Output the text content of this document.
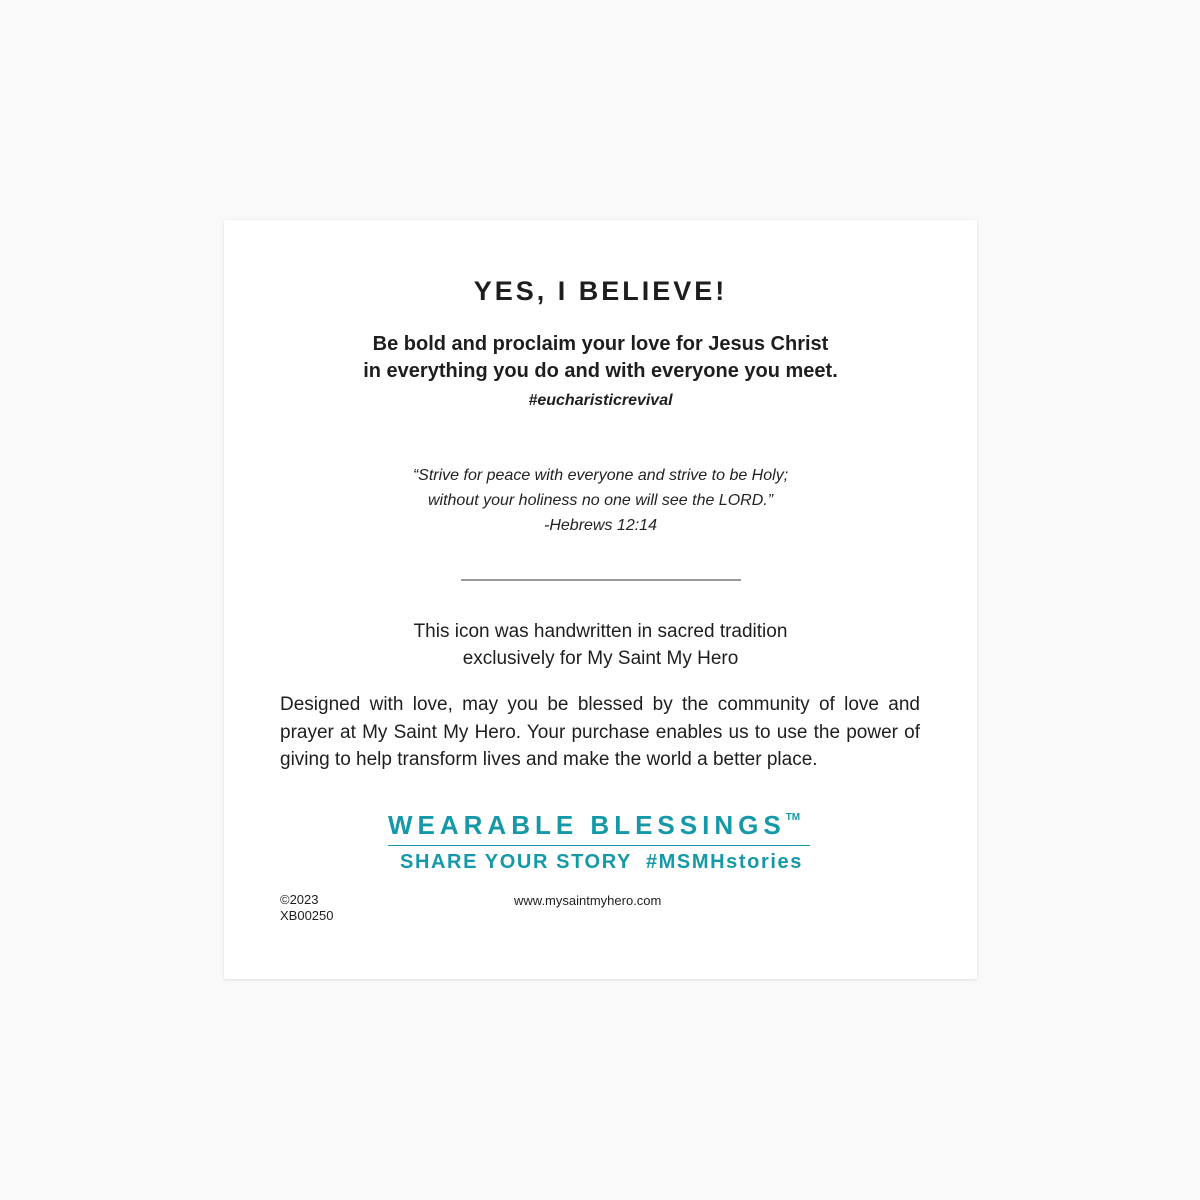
YES, I BELIEVE!
Be bold and proclaim your love for Jesus Christ
in everything you do and with everyone you meet.
#eucharisticrevival
“Strive for peace with everyone and strive to be Holy;
without your holiness no one will see the LORD.”
-Hebrews 12:14
This icon was handwritten in sacred tradition
exclusively for My Saint My Hero
Designed with love, may you be blessed by the community of love and prayer at My Saint My Hero. Your purchase enables us to use the power of giving to help transform lives and make the world a better place.
WEARABLE BLESSINGS™
SHARE YOUR STORY #MSMHstories
©2023
XB00250
www.mysaintmyhero.com
